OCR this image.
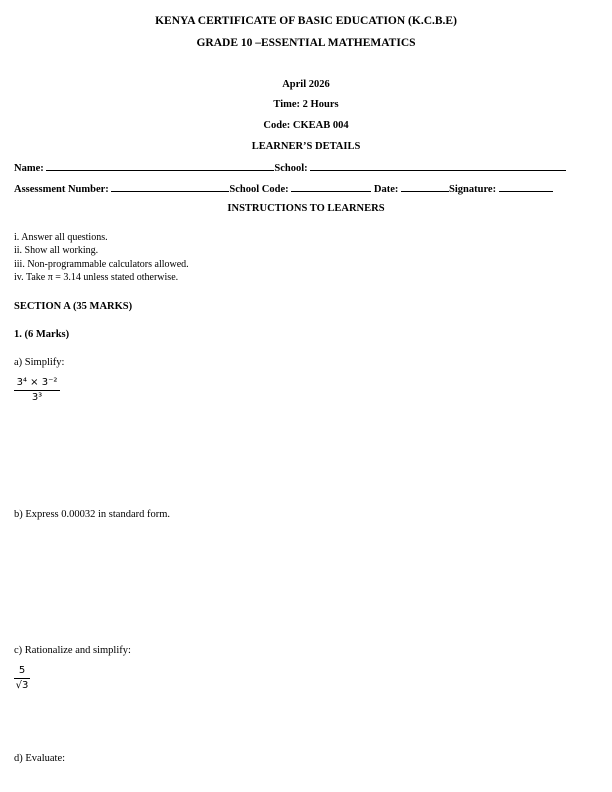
KENYA CERTIFICATE OF BASIC EDUCATION (K.C.B.E)
GRADE 10 –ESSENTIAL MATHEMATICS
April 2026
Time: 2 Hours
Code: CKEAB 004
LEARNER’S DETAILS
Name:	School:
Assessment Number:	School Code:	Date:	Signature:
INSTRUCTIONS TO LEARNERS
i. Answer all questions.
ii. Show all working.
iii. Non-programmable calculators allowed.
iv. Take π = 3.14 unless stated otherwise.
SECTION A (35 MARKS)
1. (6 Marks)
a) Simplify:
3⁴ × 3⁻²
3³
b) Express 0.00032 in standard form.
c) Rationalize and simplify:
5
√3
d) Evaluate:
